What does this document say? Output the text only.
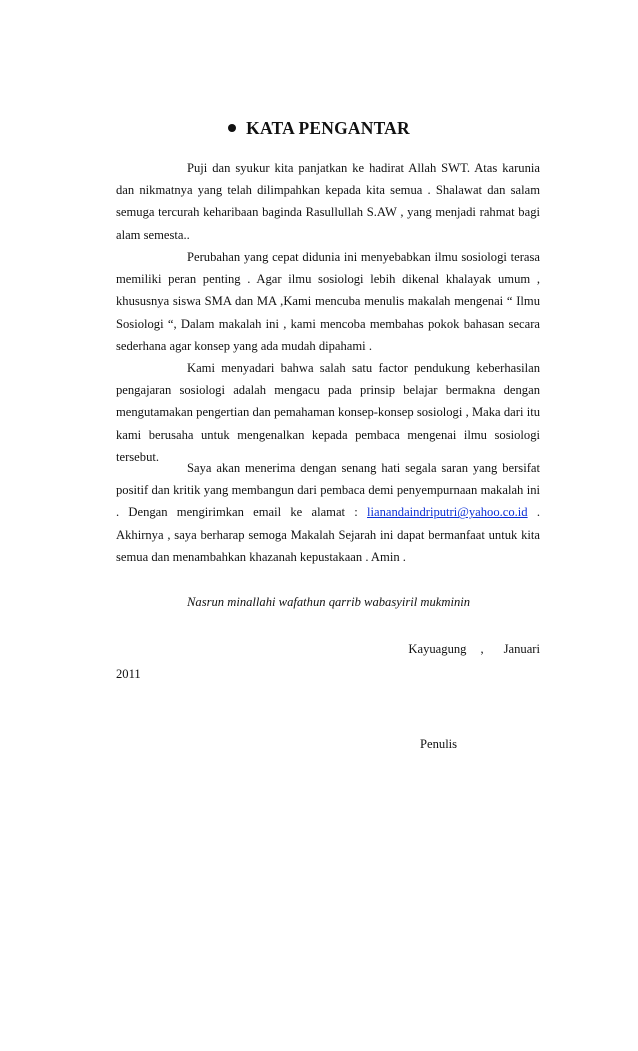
KATA PENGANTAR

Puji dan syukur kita panjatkan ke hadirat Allah SWT. Atas karunia dan nikmatnya yang telah dilimpahkan kepada kita semua . Shalawat dan salam semuga tercurah keharibaan baginda Rasullullah S.AW , yang menjadi rahmat bagi alam semesta..

Perubahan yang cepat didunia ini menyebabkan ilmu sosiologi terasa memiliki peran penting . Agar ilmu sosiologi lebih dikenal khalayak umum , khususnya siswa SMA dan MA ,Kami mencuba menulis makalah mengenai “ Ilmu Sosiologi “, Dalam makalah ini , kami mencoba membahas pokok bahasan secara sederhana agar konsep yang ada mudah dipahami .

Kami menyadari bahwa salah satu factor pendukung keberhasilan pengajaran sosiologi adalah mengacu pada prinsip belajar bermakna dengan mengutamakan pengertian dan pemahaman konsep-konsep sosiologi , Maka dari itu kami berusaha untuk mengenalkan kepada pembaca mengenai ilmu sosiologi tersebut.

Saya akan menerima dengan senang hati segala saran yang bersifat positif dan kritik yang membangun dari pembaca demi penyempurnaan makalah ini . Dengan mengirimkan email ke alamat : lianandaindriputri@yahoo.co.id . Akhirnya , saya berharap semoga Makalah Sejarah ini dapat bermanfaat untuk kita semua dan menambahkan khazanah kepustakaan . Amin .

Nasrun minallahi wafathun qarrib wabasyiril mukminin
Kayuagung , Januari
2011
Penulis
